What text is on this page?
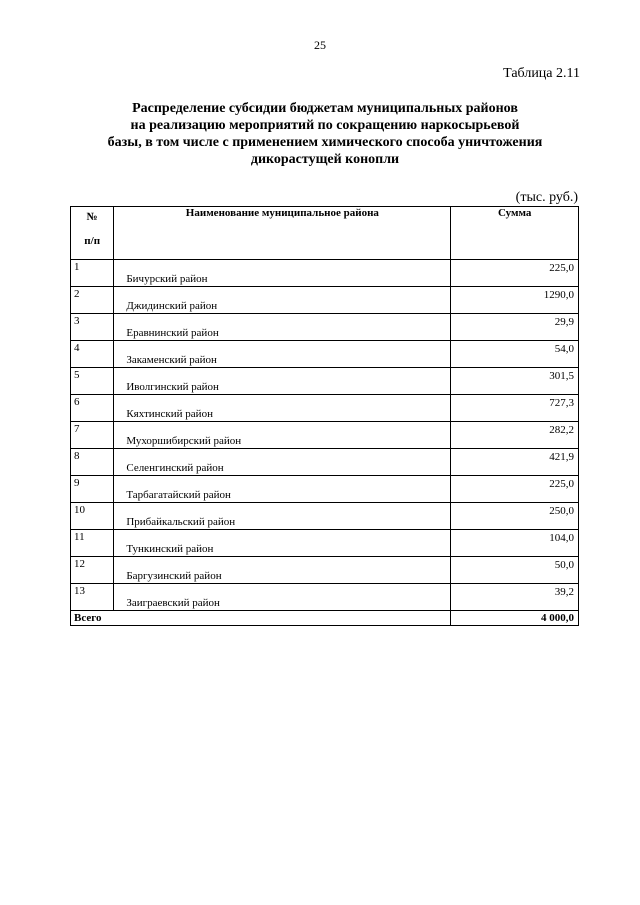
25
Таблица 2.11
Распределение субсидии бюджетам муниципальных районов
на реализацию мероприятий по сокращению наркосырьевой
базы, в том числе с применением химического способа уничтожения
дикорастущей конопли
(тыс. руб.)
№
п/п	Наименование муниципальное района	Сумма
1	Бичурский район	225,0
2	Джидинский район	1290,0
3	Еравнинский район	29,9
4	Закаменский район	54,0
5	Иволгинский район	301,5
6	Кяхтинский район	727,3
7	Мухоршибирский район	282,2
8	Селенгинский район	421,9
9	Тарбагатайский район	225,0
10	Прибайкальский район	250,0
11	Тункинский район	104,0
12	Баргузинский район	50,0
13	Заиграевский район	39,2
Всего		4 000,0
